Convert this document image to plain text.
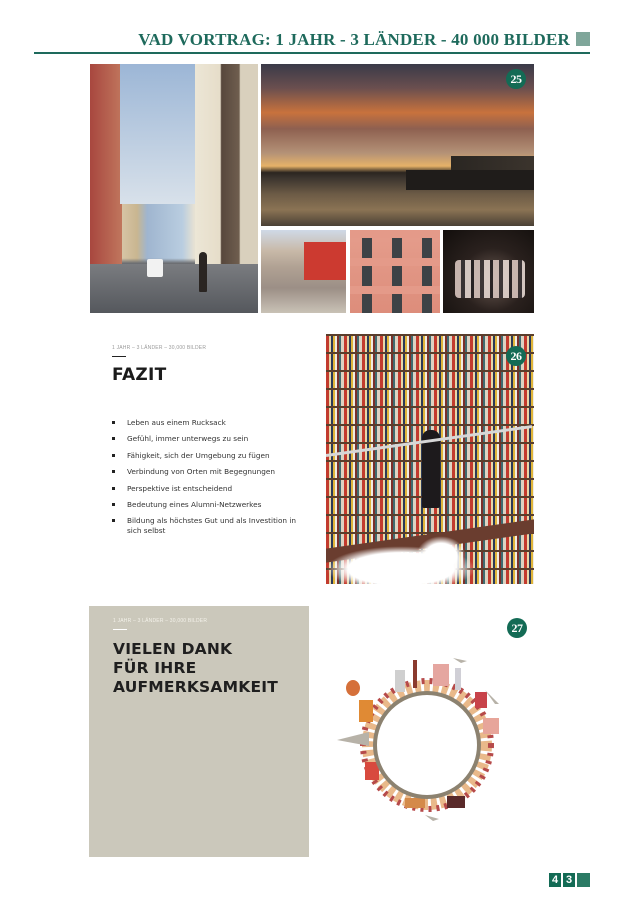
VAD VORTRAG: 1 JAHR - 3 LÄNDER - 40 000 BILDER
25
1 JAHR – 3 LÄNDER – 30,000 BILDER
FAZIT
Leben aus einem Rucksack
Gefühl, immer unterwegs zu sein
Fähigkeit, sich der Umgebung zu fügen
Verbindung von Orten mit Begegnungen
Perspektive ist entscheidend
Bedeutung eines Alumni-Netzwerkes
Bildung als höchstes Gut und als Investition in sich selbst
26
1 JAHR – 3 LÄNDER – 30,000 BILDER
VIELEN DANK
FÜR IHRE
AUFMERKSAMKEIT
27
4 3
